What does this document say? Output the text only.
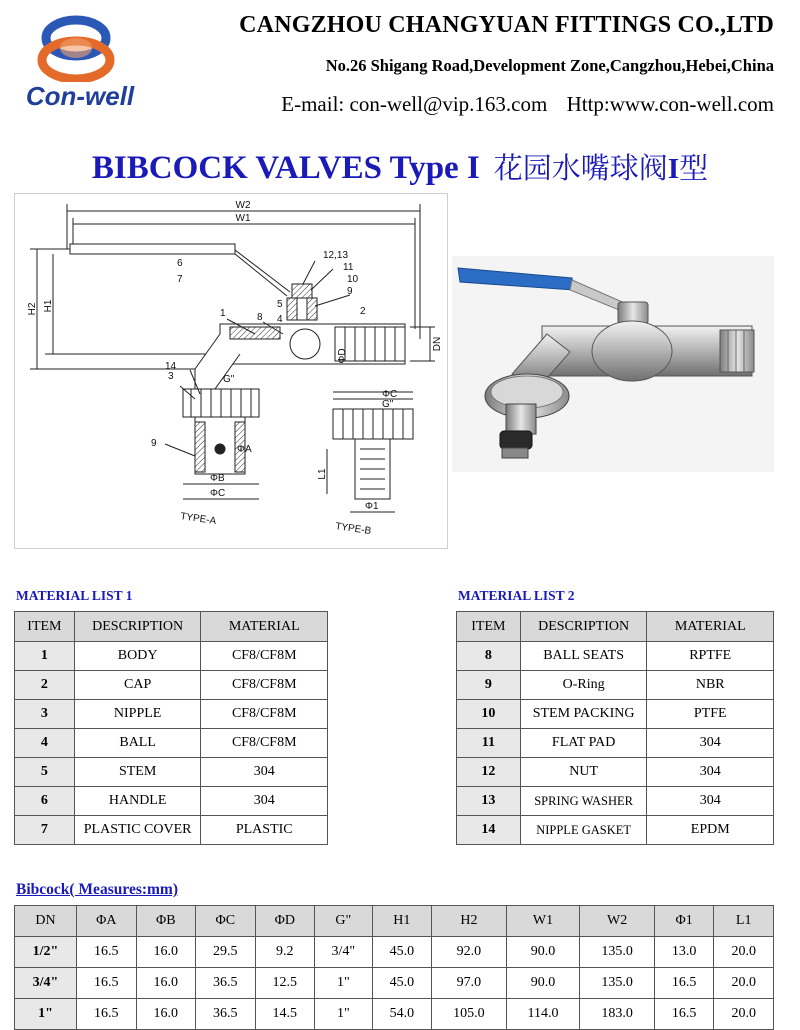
Con-well
CANGZHOU CHANGYUAN FITTINGS CO.,LTD
No.26 Shigang Road,Development Zone,Cangzhou,Hebei,China
E-mail: con-well@vip.163.com Http:www.con-well.com
BIBCOCK VALVES Type I 花园水嘴球阀I型
W2
W1
H2 H1
DN
ΦD
G"
ΦA
ΦB
ΦC
ΦC
G"
L1
Φ1
TYPE-A
TYPE-B
1	2
3
4
5
6
7
8
9
10
11
12,13
14
9
MATERIAL LIST 1
ITEM	DESCRIPTION	MATERIAL
1	BODY	CF8/CF8M
2	CAP	CF8/CF8M
3	NIPPLE	CF8/CF8M
4	BALL	CF8/CF8M
5	STEM	304
6	HANDLE	304
7	PLASTIC COVER	PLASTIC
MATERIAL LIST 2
ITEM	DESCRIPTION	MATERIAL
8	BALL SEATS	RPTFE
9	O-Ring	NBR
10	STEM PACKING	PTFE
11	FLAT PAD	304
12	NUT	304
13	SPRING WASHER	304
14	NIPPLE GASKET	EPDM
Bibcock( Measures:mm)
DN	ΦA	ΦB	ΦC	ΦD	G"	H1	H2	W1	W2	Φ1	L1
1/2"	16.5	16.0	29.5	9.2	3/4"	45.0	92.0	90.0	135.0	13.0	20.0
3/4"	16.5	16.0	36.5	12.5	1"	45.0	97.0	90.0	135.0	16.5	20.0
1"	16.5	16.0	36.5	14.5	1"	54.0	105.0	114.0	183.0	16.5	20.0
